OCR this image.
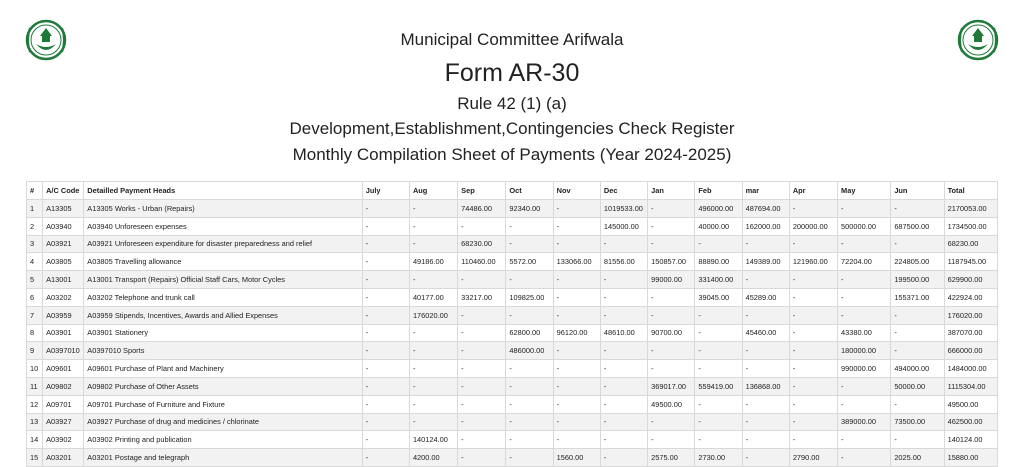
Municipal Committee Arifwala
Form AR-30
Rule 42 (1) (a)
Development,Establishment,Contingencies Check Register
Monthly Compilation Sheet of Payments (Year 2024-2025)
#	A/C Code	Detailled Payment Heads	July	Aug	Sep	Oct	Nov	Dec	Jan	Feb	mar	Apr	May	Jun	Total
1	A13305	A13305 Works - Urban (Repairs)	-	-	74486.00	92340.00	-	1019533.00	-	496000.00	487694.00	-	-	-	2170053.00
2	A03940	A03940 Unforeseen expenses	-	-	-	-	-	145000.00	-	40000.00	162000.00	200000.00	500000.00	687500.00	1734500.00
3	A03921	A03921 Unforeseen expenditure for disaster preparedness and relief	-	-	68230.00	-	-	-	-	-	-	-	-	-	68230.00
4	A03805	A03805 Travelling allowance	-	49186.00	110460.00	5572.00	133066.00	81556.00	150857.00	88890.00	149389.00	121960.00	72204.00	224805.00	1187945.00
5	A13001	A13001 Transport (Repairs) Official Staff Cars, Motor Cycles	-	-	-	-	-	-	99000.00	331400.00	-	-	-	199500.00	629900.00
6	A03202	A03202 Telephone and trunk call	-	40177.00	33217.00	109825.00	-	-	-	39045.00	45289.00	-	-	155371.00	422924.00
7	A03959	A03959 Stipends, Incentives, Awards and Allied Expenses	-	176020.00	-	-	-	-	-	-	-	-	-	-	176020.00
8	A03901	A03901 Stationery	-	-	-	62800.00	96120.00	48610.00	90700.00	-	45460.00	-	43380.00	-	387070.00
9	A0397010	A0397010 Sports	-	-	-	486000.00	-	-	-	-	-	-	180000.00	-	666000.00
10	A09601	A09601 Purchase of Plant and Machinery	-	-	-	-	-	-	-	-	-	-	990000.00	494000.00	1484000.00
11	A09802	A09802 Purchase of Other Assets	-	-	-	-	-	-	369017.00	559419.00	136868.00	-	-	50000.00	1115304.00
12	A09701	A09701 Purchase of Furniture and Fixture	-	-	-	-	-	-	49500.00	-	-	-	-	-	49500.00
13	A03927	A03927 Purchase of drug and medicines / chlorinate	-	-	-	-	-	-	-	-	-	-	389000.00	73500.00	462500.00
14	A03902	A03902 Printing and publication	-	140124.00	-	-	-	-	-	-	-	-	-	-	140124.00
15	A03201	A03201 Postage and telegraph	-	4200.00	-	-	1560.00	-	2575.00	2730.00	-	2790.00	-	2025.00	15880.00
